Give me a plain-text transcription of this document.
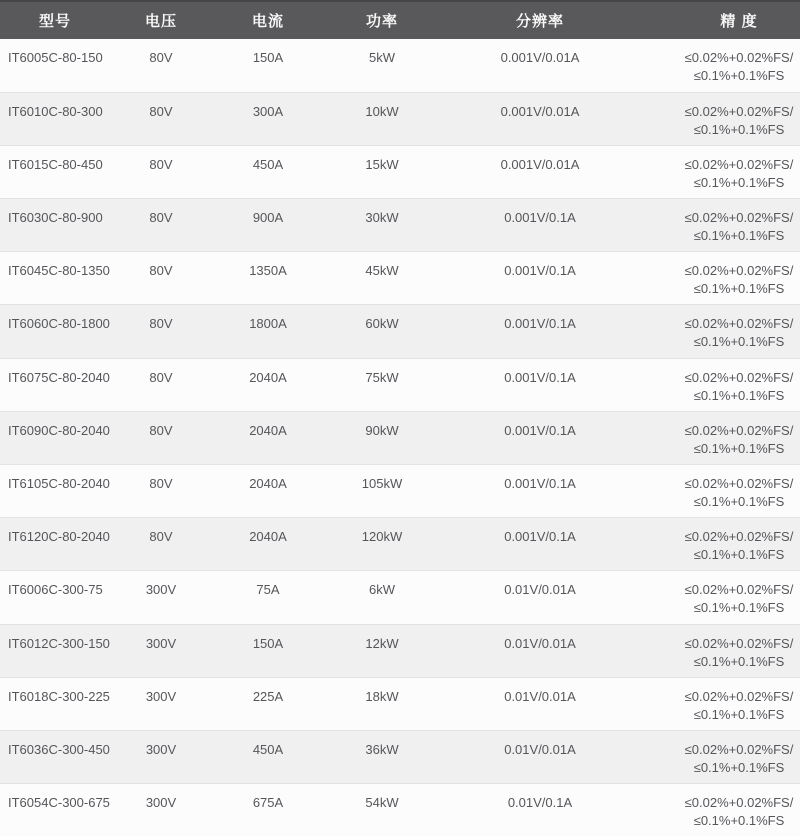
型号	电压	电流	功率	分辨率	精 度
IT6005C-80-150	80V	150A	5kW	0.001V/0.01A	≤0.02%+0.02%FS/
≤0.1%+0.1%FS
IT6010C-80-300	80V	300A	10kW	0.001V/0.01A	≤0.02%+0.02%FS/
≤0.1%+0.1%FS
IT6015C-80-450	80V	450A	15kW	0.001V/0.01A	≤0.02%+0.02%FS/
≤0.1%+0.1%FS
IT6030C-80-900	80V	900A	30kW	0.001V/0.1A	≤0.02%+0.02%FS/
≤0.1%+0.1%FS
IT6045C-80-1350	80V	1350A	45kW	0.001V/0.1A	≤0.02%+0.02%FS/
≤0.1%+0.1%FS
IT6060C-80-1800	80V	1800A	60kW	0.001V/0.1A	≤0.02%+0.02%FS/
≤0.1%+0.1%FS
IT6075C-80-2040	80V	2040A	75kW	0.001V/0.1A	≤0.02%+0.02%FS/
≤0.1%+0.1%FS
IT6090C-80-2040	80V	2040A	90kW	0.001V/0.1A	≤0.02%+0.02%FS/
≤0.1%+0.1%FS
IT6105C-80-2040	80V	2040A	105kW	0.001V/0.1A	≤0.02%+0.02%FS/
≤0.1%+0.1%FS
IT6120C-80-2040	80V	2040A	120kW	0.001V/0.1A	≤0.02%+0.02%FS/
≤0.1%+0.1%FS
IT6006C-300-75	300V	75A	6kW	0.01V/0.01A	≤0.02%+0.02%FS/
≤0.1%+0.1%FS
IT6012C-300-150	300V	150A	12kW	0.01V/0.01A	≤0.02%+0.02%FS/
≤0.1%+0.1%FS
IT6018C-300-225	300V	225A	18kW	0.01V/0.01A	≤0.02%+0.02%FS/
≤0.1%+0.1%FS
IT6036C-300-450	300V	450A	36kW	0.01V/0.01A	≤0.02%+0.02%FS/
≤0.1%+0.1%FS
IT6054C-300-675	300V	675A	54kW	0.01V/0.1A	≤0.02%+0.02%FS/
≤0.1%+0.1%FS
